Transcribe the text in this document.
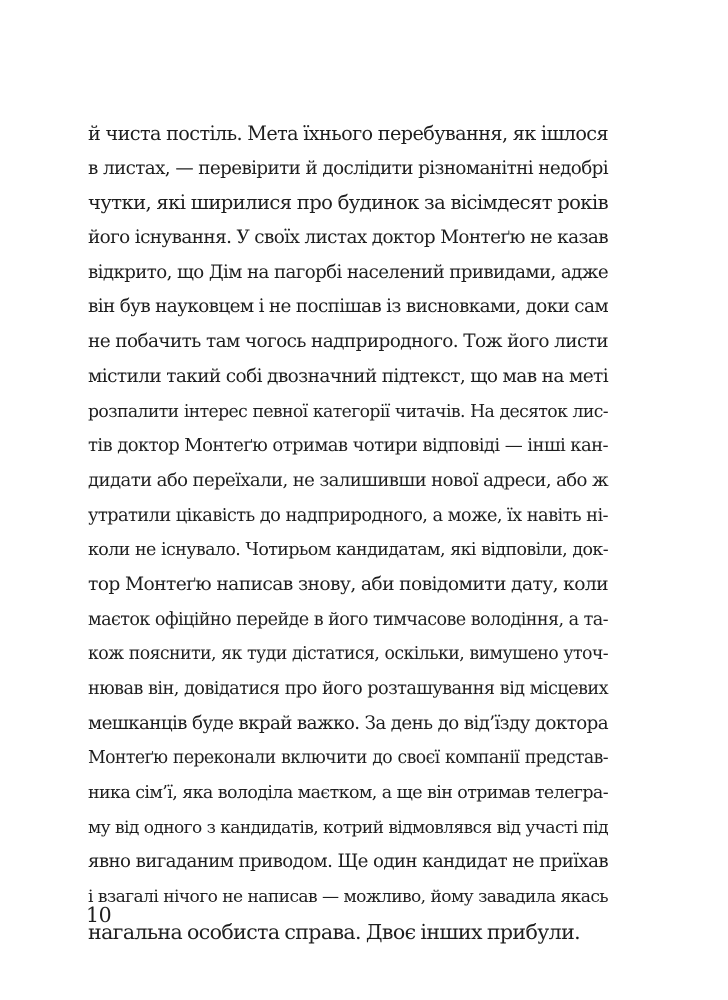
й чиста постіль. Мета їхнього перебування, як ішлося
в листах, — перевірити й дослідити різноманітні недобрі
чутки, які ширилися про будинок за вісімдесят років
його існування. У своїх листах доктор Монтеґю не казав
відкрито, що Дім на пагорбі населений привидами, адже
він був науковцем і не поспішав із висновками, доки сам
не побачить там чогось надприродного. Тож його листи
містили такий собі двозначний підтекст, що мав на меті
розпалити інтерес певної категорії читачів. На десяток лис-
тів доктор Монтеґю отримав чотири відповіді — інші кан-
дидати або переїхали, не залишивши нової адреси, або ж
утратили цікавість до надприродного, а може, їх навіть ні-
коли не існувало. Чотирьом кандидатам, які відповіли, док-
тор Монтеґю написав знову, аби повідомити дату, коли
маєток офіційно перейде в його тимчасове володіння, а та-
кож пояснити, як туди дістатися, оскільки, вимушено уточ-
нював він, довідатися про його розташування від місцевих
мешканців буде вкрай важко. За день до від’їзду доктора
Монтеґю переконали включити до своєї компанії представ-
ника сім’ї, яка володіла маєтком, а ще він отримав телегра-
му від одного з кандидатів, котрий відмовлявся від участі під
явно вигаданим приводом. Ще один кандидат не приїхав
і взагалі нічого не написав — можливо, йому завадила якась
нагальна особиста справа. Двоє інших прибули.
10
